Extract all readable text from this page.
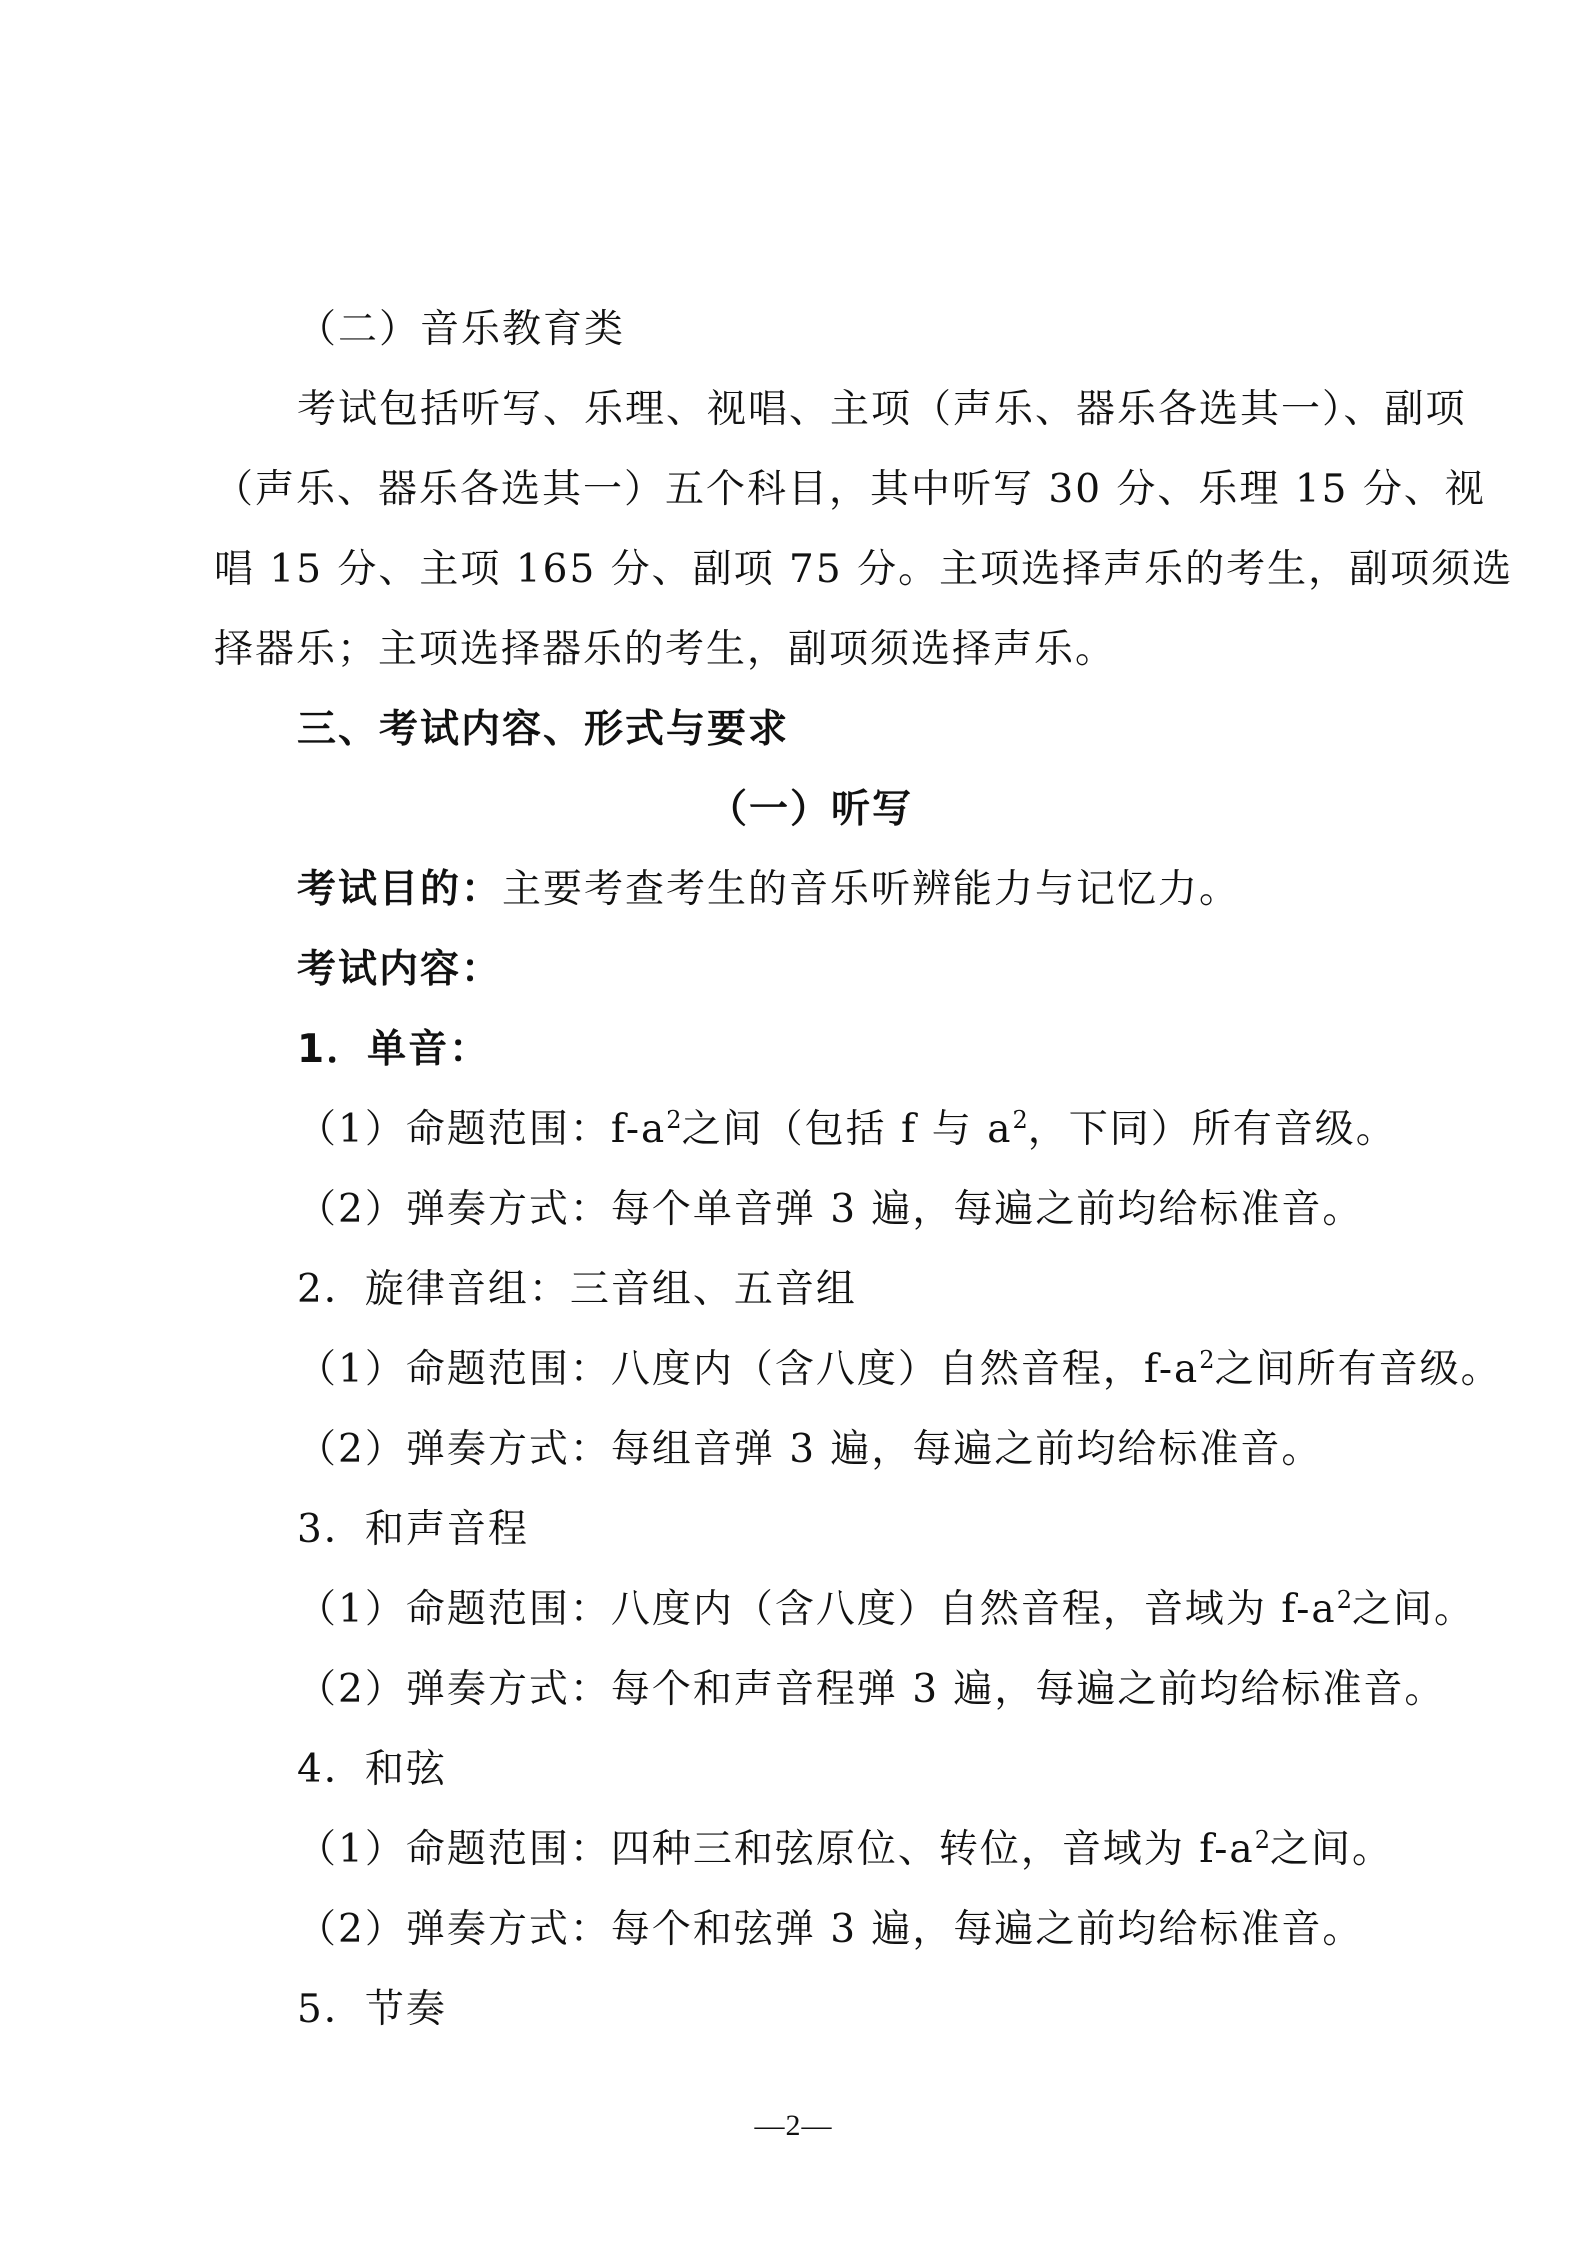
（二）音乐教育类
考试包括听写、乐理、视唱、主项（声乐、器乐各选其一）、副项
（声乐、器乐各选其一）五个科目，其中听写 30 分、乐理 15 分、视
唱 15 分、主项 165 分、副项 75 分。主项选择声乐的考生，副项须选
择器乐；主项选择器乐的考生，副项须选择声乐。
三、考试内容、形式与要求
（一）听写
考试目的：主要考查考生的音乐听辨能力与记忆力。
考试内容：
1．单音：
（1）命题范围：$f-a^2$之间（包括 f 与 $a^2$，下同）所有音级。
（2）弹奏方式：每个单音弹 3 遍，每遍之前均给标准音。
2．旋律音组：三音组、五音组
（1）命题范围：八度内（含八度）自然音程，$f-a^2$之间所有音级。
（2）弹奏方式：每组音弹 3 遍，每遍之前均给标准音。
3．和声音程
（1）命题范围：八度内（含八度）自然音程，音域为 $f-a^2$之间。
（2）弹奏方式：每个和声音程弹 3 遍，每遍之前均给标准音。
4．和弦
（1）命题范围：四种三和弦原位、转位，音域为 $f-a^2$之间。
（2）弹奏方式：每个和弦弹 3 遍，每遍之前均给标准音。
5．节奏
—2—
